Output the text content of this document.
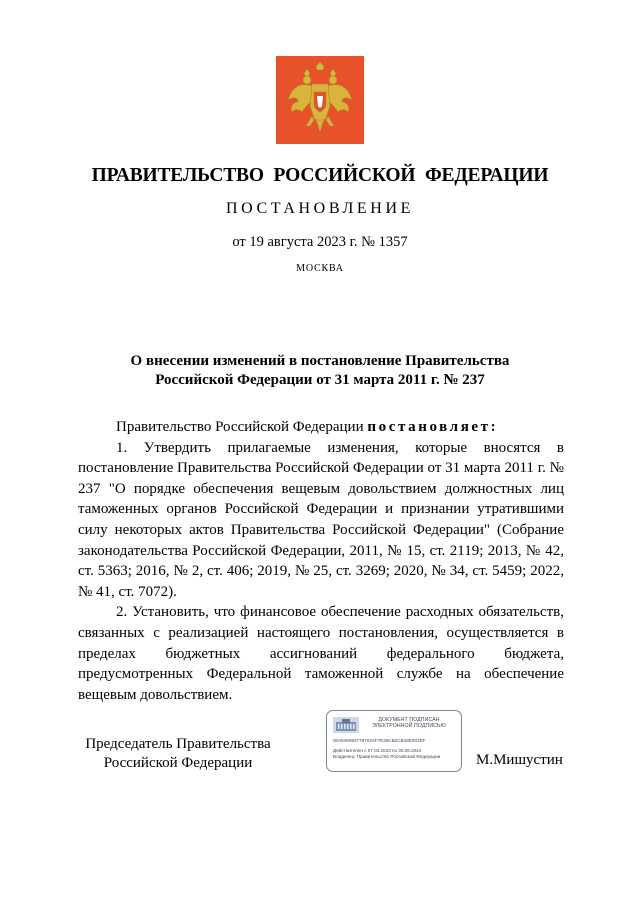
ПРАВИТЕЛЬСТВО РОССИЙСКОЙ ФЕДЕРАЦИИ
ПОСТАНОВЛЕНИЕ
от 19 августа 2023 г. № 1357
МОСКВА
О внесении изменений в постановление Правительства
Российской Федерации от 31 марта 2011 г. № 237

Правительство Российской Федерации постановляет:

1. Утвердить прилагаемые изменения, которые вносятся в постановление Правительства Российской Федерации от 31 марта 2011 г. № 237 "О порядке обеспечения вещевым довольствием должностных лиц таможенных органов Российской Федерации и признании утратившими силу некоторых актов Правительства Российской Федерации" (Собрание законодательства Российской Федерации, 2011, № 15, ст. 2119; 2013, № 42, ст. 5363; 2016, № 2, ст. 406; 2019, № 25, ст. 3269; 2020, № 34, ст. 5459; 2022, № 41, ст. 7072).

2. Установить, что финансовое обеспечение расходных обязательств, связанных с реализацией настоящего постановления, осуществляется в пределах бюджетных ассигнований федерального бюджета, предусмотренных Федеральной таможенной службе на обеспечение вещевым довольствием.

Председатель Правительства
Российской Федерации
ДОКУМЕНТ ПОДПИСАН
ЭЛЕКТРОННОЙ ПОДПИСЬЮ
00A549092776703AF7E29CB2CB18E003EF
Действителен с 07.03.2023 по 30.05.2024
Владелец: Правительство Российской Федерации	М.Мишустин
